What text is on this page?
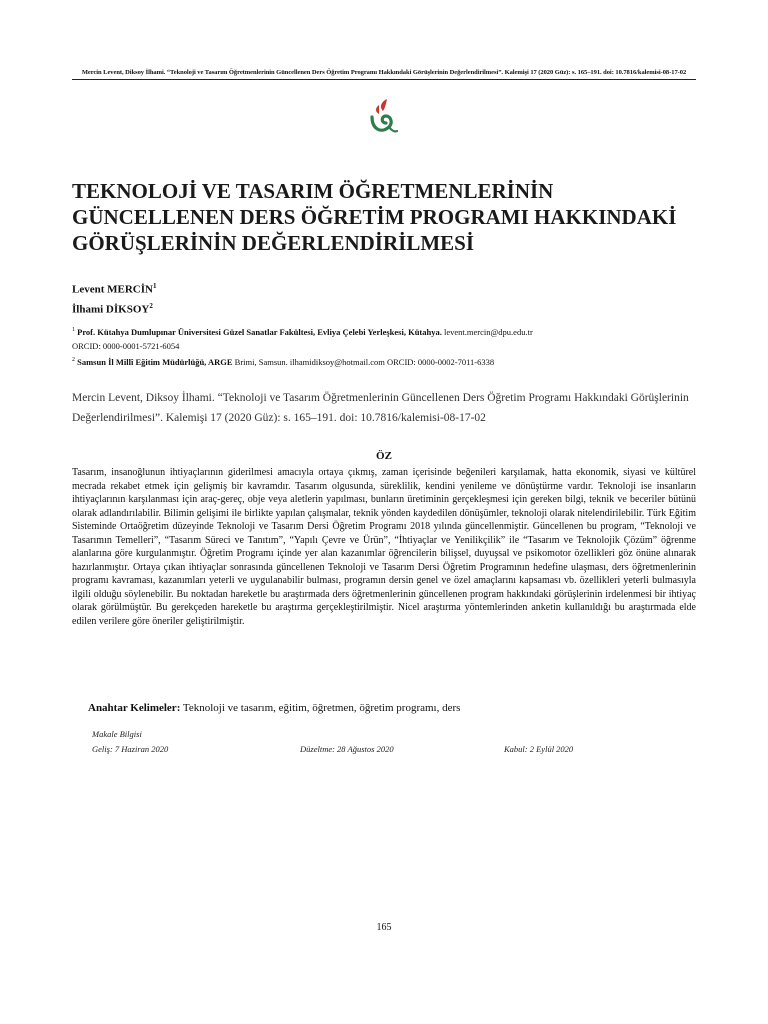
Mercin Levent, Diksoy İlhami. “Teknoloji ve Tasarım Öğretmenlerinin Güncellenen Ders Öğretim Programı Hakkındaki Görüşlerinin Değerlendirilmesi”. Kalemişi 17 (2020 Güz): s. 165–191. doi: 10.7816/kalemisi-08-17-02
TEKNOLOJİ VE TASARIM ÖĞRETMENLERİNİN GÜNCELLENEN DERS ÖĞRETİM PROGRAMI HAKKINDAKİ GÖRÜŞLERİNİN DEĞERLENDİRİLMESİ
Levent MERCİN$^1$
İlhami DİKSOY$^2$
$^1$ Prof. Kütahya Dumlupınar Üniversitesi Güzel Sanatlar Fakültesi, Evliya Çelebi Yerleşkesi, Kütahya. levent.mercin@dpu.edu.tr
ORCID: 0000-0001-5721-6054
$^2$ Samsun İl Millî Eğitim Müdürlüğü, ARGE Brimi, Samsun. ilhamidiksoy@hotmail.com ORCID: 0000-0002-7011-6338
Mercin Levent, Diksoy İlhami. “Teknoloji ve Tasarım Öğretmenlerinin Güncellenen Ders Öğretim Programı Hakkındaki Görüşlerinin Değerlendirilmesi”. Kalemişi 17 (2020 Güz): s. 165–191. doi: 10.7816/kalemisi-08-17-02
ÖZ
Tasarım, insanoğlunun ihtiyaçlarının giderilmesi amacıyla ortaya çıkmış, zaman içerisinde beğenileri karşılamak, hatta ekonomik, siyasi ve kültürel mecrada rekabet etmek için gelişmiş bir kavramdır. Tasarım olgusunda, süreklilik, kendini yenileme ve dönüştürme vardır. Teknoloji ise insanların ihtiyaçlarının karşılanması için araç-gereç, obje veya aletlerin yapılması, bunların üretiminin gerçekleşmesi için gereken bilgi, teknik ve beceriler bütünü olarak adlandırılabilir. Bilimin gelişimi ile birlikte yapılan çalışmalar, teknik yönden kaydedilen dönüşümler, teknoloji olarak nitelendirilebilir. Türk Eğitim Sisteminde Ortaöğretim düzeyinde Teknoloji ve Tasarım Dersi Öğretim Programı 2018 yılında güncellenmiştir. Güncellenen bu program, “Teknoloji ve Tasarımın Temelleri”, “Tasarım Süreci ve Tanıtım”, “Yapılı Çevre ve Ürün”, “İhtiyaçlar ve Yenilikçilik” ile “Tasarım ve Teknolojik Çözüm” öğrenme alanlarına göre kurgulanmıştır. Öğretim Programı içinde yer alan kazanımlar öğrencilerin bilişsel, duyuşsal ve psikomotor özellikleri göz önüne alınarak hazırlanmıştır. Ortaya çıkan ihtiyaçlar sonrasında güncellenen Teknoloji ve Tasarım Dersi Öğretim Programının hedefine ulaşması, ders öğretmenlerinin programı kavraması, kazanımları yeterli ve uygulanabilir bulması, programın dersin genel ve özel amaçlarını kapsaması vb. özellikleri yeterli bulmasıyla ilgili olduğu söylenebilir. Bu noktadan hareketle bu araştırmada ders öğretmenlerinin güncellenen program hakkındaki görüşlerinin irdelenmesi bir ihtiyaç olarak görülmüştür. Bu gerekçeden hareketle bu araştırma gerçekleştirilmiştir. Nicel araştırma yöntemlerinden anketin kullanıldığı bu araştırmada elde edilen verilere göre öneriler geliştirilmiştir.
Anahtar Kelimeler: Teknoloji ve tasarım, eğitim, öğretmen, öğretim programı, ders
Makale Bilgisi
Geliş: 7 Haziran 2020	Düzeltme: 28 Ağustos 2020	Kabul: 2 Eylül 2020
165
